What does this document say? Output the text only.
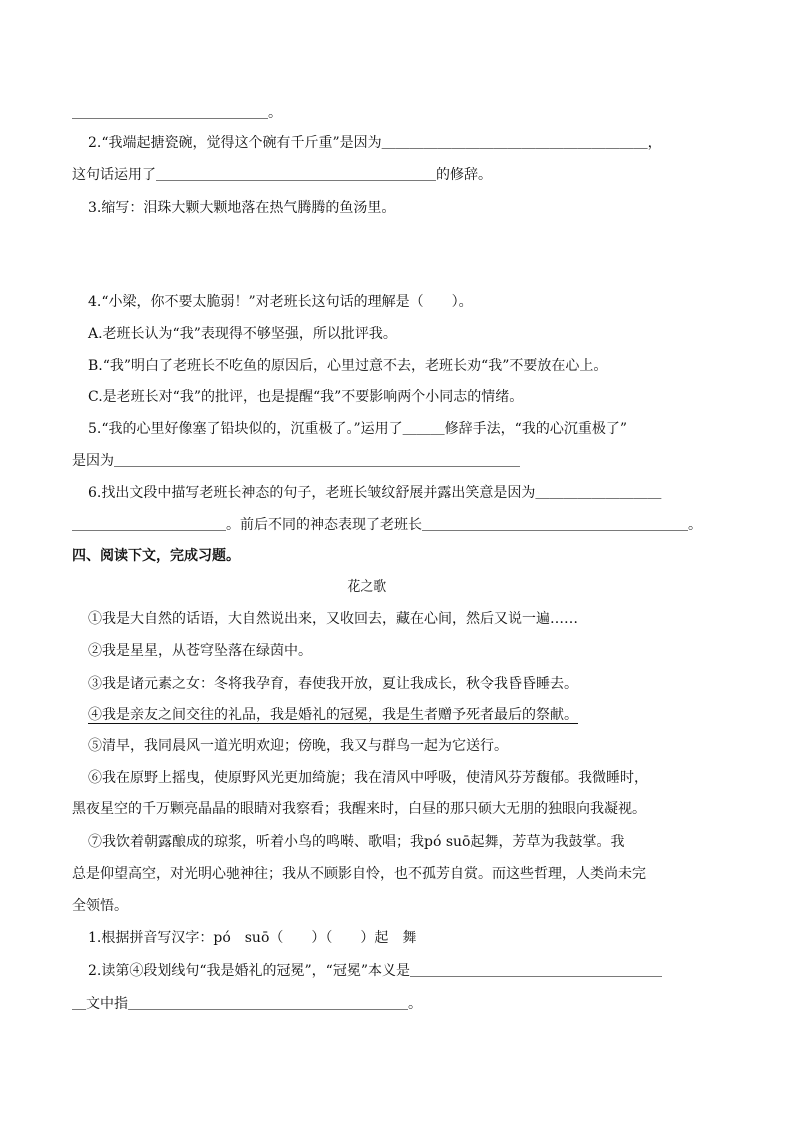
＿＿＿＿＿＿＿＿＿＿＿＿＿＿。
2.“我端起搪瓷碗，觉得这个碗有千斤重”是因为＿＿＿＿＿＿＿＿＿＿＿＿＿＿＿＿＿＿＿，
这句话运用了＿＿＿＿＿＿＿＿＿＿＿＿＿＿＿＿＿＿＿＿的修辞。
3.缩写：泪珠大颗大颗地落在热气腾腾的鱼汤里。
4.“小梁，你不要太脆弱！”对老班长这句话的理解是（　　）。
A.老班长认为“我”表现得不够坚强，所以批评我。
B.“我”明白了老班长不吃鱼的原因后，心里过意不去，老班长劝“我”不要放在心上。
C.是老班长对“我”的批评，也是提醒“我”不要影响两个小同志的情绪。
5.“我的心里好像塞了铅块似的，沉重极了。”运用了＿＿＿修辞手法，“我的心沉重极了”
是因为＿＿＿＿＿＿＿＿＿＿＿＿＿＿＿＿＿＿＿＿＿＿＿＿＿＿＿＿＿
6.找出文段中描写老班长神态的句子，老班长皱纹舒展并露出笑意是因为＿＿＿＿＿＿＿＿＿
＿＿＿＿＿＿＿＿＿＿＿。前后不同的神态表现了老班长＿＿＿＿＿＿＿＿＿＿＿＿＿＿＿＿＿＿＿。
四、阅读下文，完成习题。
花之歌
①我是大自然的话语，大自然说出来，又收回去，藏在心间，然后又说一遍……
②我是星星，从苍穹坠落在绿茵中。
③我是诸元素之女：冬将我孕育，春使我开放，夏让我成长，秋令我昏昏睡去。
④我是亲友之间交往的礼品，我是婚礼的冠冕，我是生者赠予死者最后的祭献。
⑤清早，我同晨风一道光明欢迎；傍晚，我又与群鸟一起为它送行。
⑥我在原野上摇曳，使原野风光更加绮旎；我在清风中呼吸，使清风芬芳馥郁。我微睡时，
黑夜星空的千万颗亮晶晶的眼睛对我察看；我醒来时，白昼的那只硕大无朋的独眼向我凝视。
⑦我饮着朝露酿成的琼浆，听着小鸟的鸣啭、歌唱；我pó suō起舞，芳草为我鼓掌。我
总是仰望高空，对光明心驰神往；我从不顾影自怜，也不孤芳自赏。而这些哲理，人类尚未完
全领悟。
1.根据拼音写汉字：pó　suō（　　）（　　）起　舞
2.读第④段划线句“我是婚礼的冠冕”，“冠冕”本义是＿＿＿＿＿＿＿＿＿＿＿＿＿＿＿＿＿＿
＿文中指＿＿＿＿＿＿＿＿＿＿＿＿＿＿＿＿＿＿＿＿。
